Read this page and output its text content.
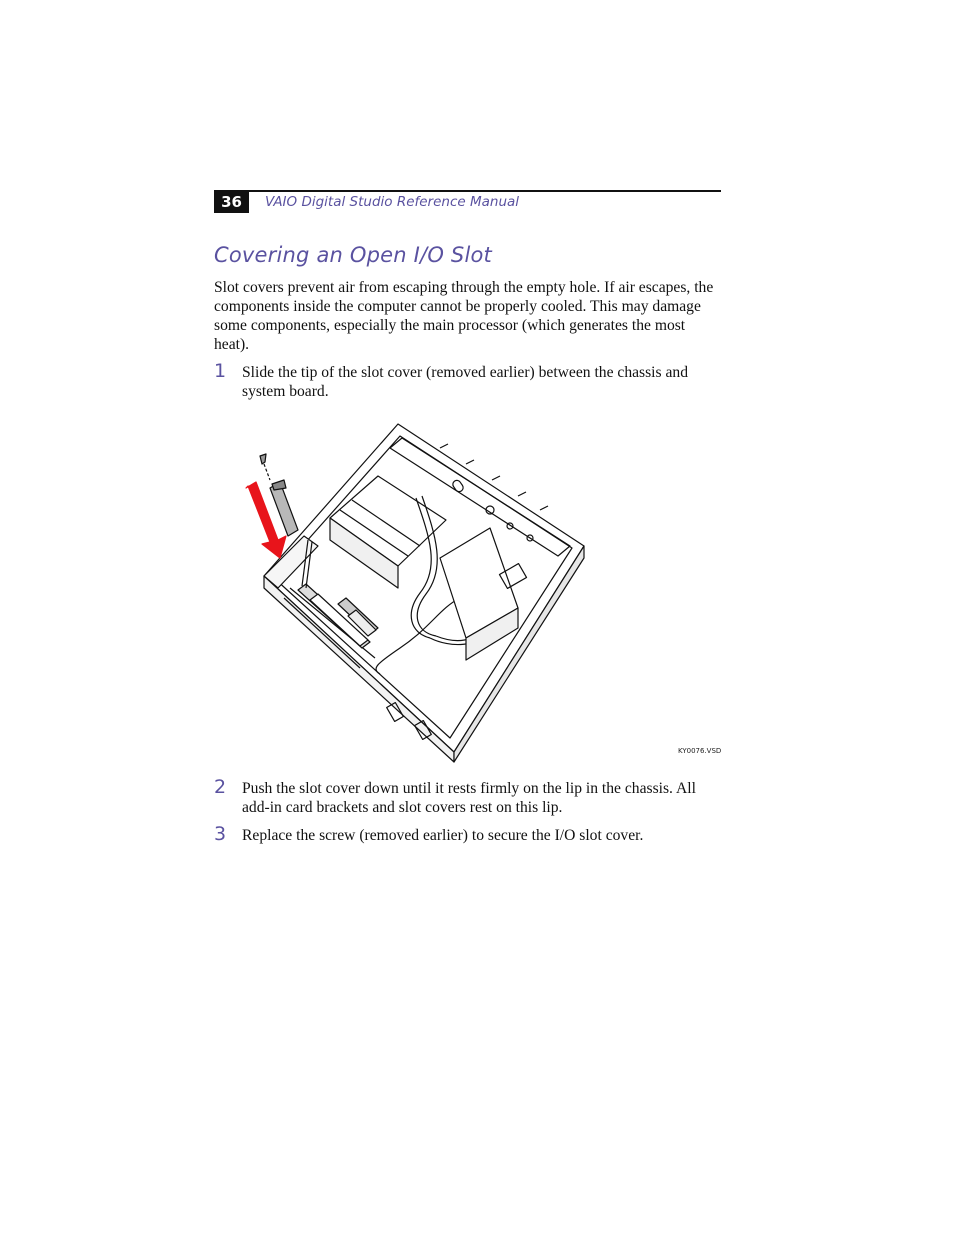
36	VAIO Digital Studio Reference Manual
Covering an Open I/O Slot

Slot covers prevent air from escaping through the empty hole. If air escapes, the components inside the computer cannot be properly cooled. This may damage some components, especially the main processor (which generates the most heat).

1 Slide the tip of the slot cover (removed earlier) between the chassis and system board.

KY0076.VSD
2 Push the slot cover down until it rests firmly on the lip in the chassis. All add-in card brackets and slot covers rest on this lip.

3 Replace the screw (removed earlier) to secure the I/O slot cover.
